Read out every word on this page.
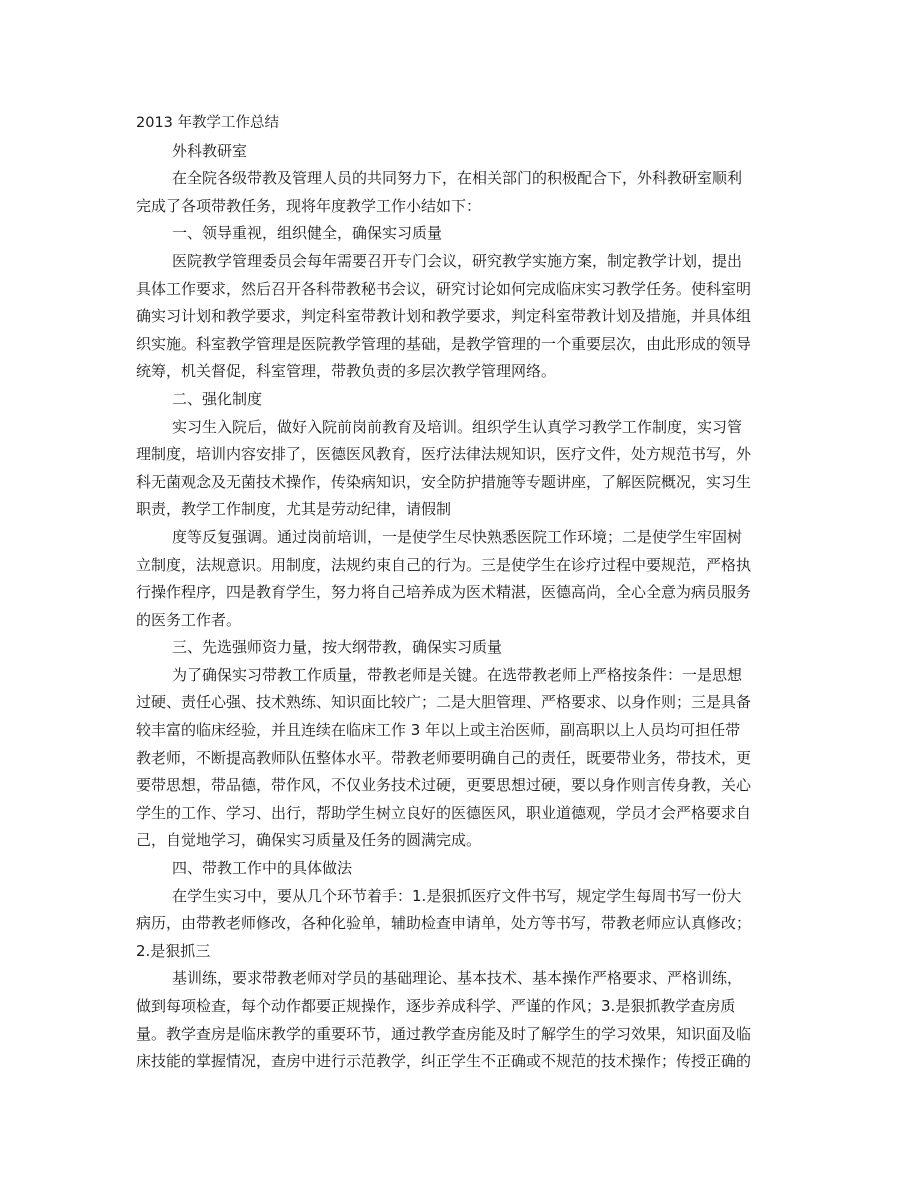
2013 年教学工作总结
外科教研室
在全院各级带教及管理人员的共同努力下，在相关部门的积极配合下，外科教研室顺利
完成了各项带教任务，现将年度教学工作小结如下：
一、领导重视，组织健全，确保实习质量
医院教学管理委员会每年需要召开专门会议，研究教学实施方案，制定教学计划，提出
具体工作要求，然后召开各科带教秘书会议，研究讨论如何完成临床实习教学任务。使科室明
确实习计划和教学要求，判定科室带教计划和教学要求，判定科室带教计划及措施，并具体组
织实施。科室教学管理是医院教学管理的基础，是教学管理的一个重要层次，由此形成的领导
统筹，机关督促，科室管理，带教负责的多层次教学管理网络。
二、强化制度
实习生入院后，做好入院前岗前教育及培训。组织学生认真学习教学工作制度，实习管
理制度，培训内容安排了，医德医风教育，医疗法律法规知识，医疗文件，处方规范书写，外
科无菌观念及无菌技术操作，传染病知识，安全防护措施等专题讲座，了解医院概况，实习生
职责，教学工作制度，尤其是劳动纪律，请假制
度等反复强调。通过岗前培训，一是使学生尽快熟悉医院工作环境；二是使学生牢固树
立制度，法规意识。用制度，法规约束自己的行为。三是使学生在诊疗过程中要规范，严格执
行操作程序，四是教育学生，努力将自己培养成为医术精湛，医德高尚，全心全意为病员服务
的医务工作者。
三、先选强师资力量，按大纲带教，确保实习质量
为了确保实习带教工作质量，带教老师是关键。在选带教老师上严格按条件：一是思想
过硬、责任心强、技术熟练、知识面比较广；二是大胆管理、严格要求、以身作则；三是具备
较丰富的临床经验，并且连续在临床工作 3 年以上或主治医师，副高职以上人员均可担任带
教老师，不断提高教师队伍整体水平。带教老师要明确自己的责任，既要带业务，带技术，更
要带思想，带品德，带作风，不仅业务技术过硬，更要思想过硬，要以身作则言传身教，关心
学生的工作、学习、出行，帮助学生树立良好的医德医风，职业道德观，学员才会严格要求自
己，自觉地学习，确保实习质量及任务的圆满完成。
四、带教工作中的具体做法
在学生实习中，要从几个环节着手：1.是狠抓医疗文件书写，规定学生每周书写一份大
病历，由带教老师修改，各种化验单，辅助检查申请单，处方等书写，带教老师应认真修改；
2.是狠抓三
基训练，要求带教老师对学员的基础理论、基本技术、基本操作严格要求、严格训练，
做到每项检查，每个动作都要正规操作，逐步养成科学、严谨的作风；3.是狠抓教学查房质
量。教学查房是临床教学的重要环节，通过教学查房能及时了解学生的学习效果，知识面及临
床技能的掌握情况，查房中进行示范教学，纠正学生不正确或不规范的技术操作；传授正确的
